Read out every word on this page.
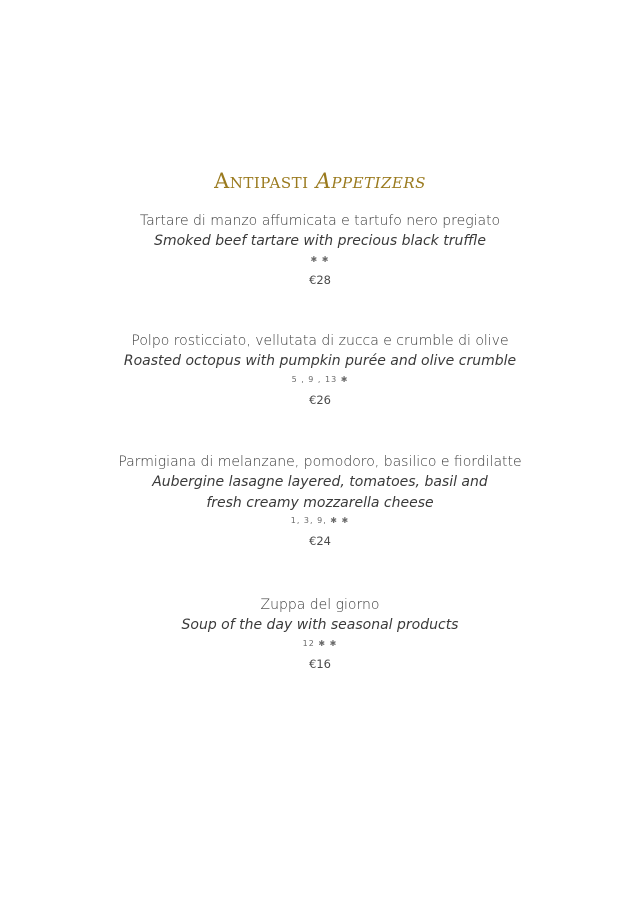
Antipasti Appetizers
Tartare di manzo affumicata e tartufo nero pregiato
Smoked beef tartare with precious black truffle
✱ ✱
€28
Polpo rosticciato, vellutata di zucca e crumble di olive
Roasted octopus with pumpkin purée and olive crumble
5 , 9 , 13 ✱
€26
Parmigiana di melanzane, pomodoro, basilico e fiordilatte
Aubergine lasagne layered, tomatoes, basil and fresh creamy mozzarella cheese
1, 3, 9, ✱ ✱
€24
Zuppa del giorno
Soup of the day with seasonal products
12 ✱ ✱
€16
